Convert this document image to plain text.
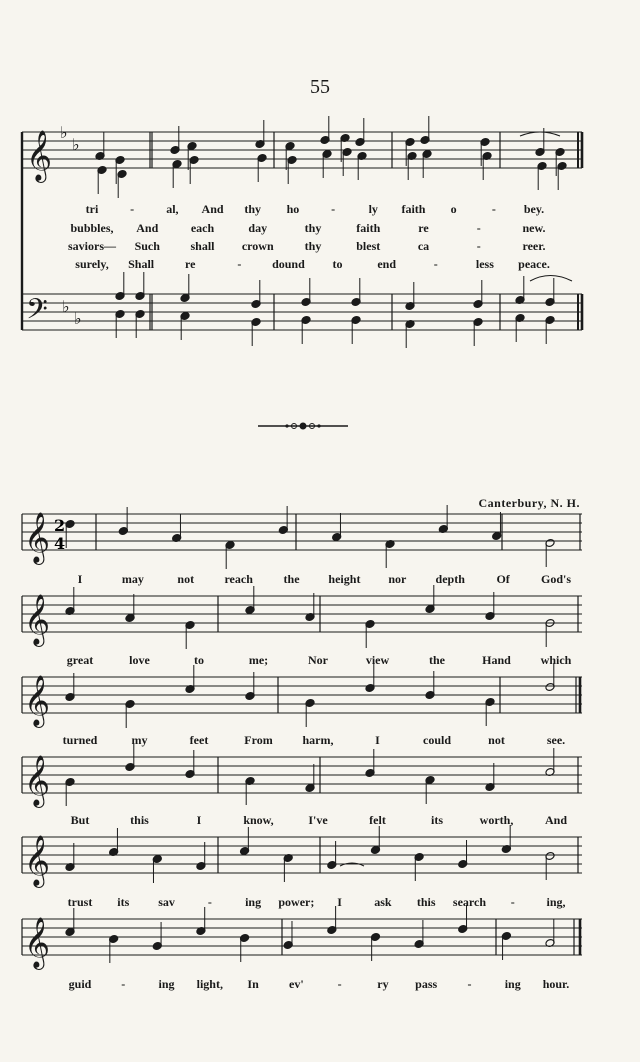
55
𝄞
𝄢
♭
♭
♭
♭
𝄞 2
4
𝄞
𝄞
𝄞
𝄞
𝄞
tri	-	al, And thy ho	-	ly faith o	- bey.
bubbles, And	each	day	thy	faith	re	-	new.
saviors— Such	shall crown	thy	blest	ca	-	reer.
surely, Shall	re	-	dound to	end	-	less peace.
I	may	not	reach	the height nor depth	Of	God's
great	love	to	me;	Nor	view	the	Hand which
turned	my	feet	From harm,	I	could	not	see.
But	this	I	know,	I've	felt	its	worth,	And
trust its sav	-	ing power; I	ask this search -	ing,
guid -	ing light, In	ev'	-	ry pass	-	ing hour.
Canterbury, N. H.
